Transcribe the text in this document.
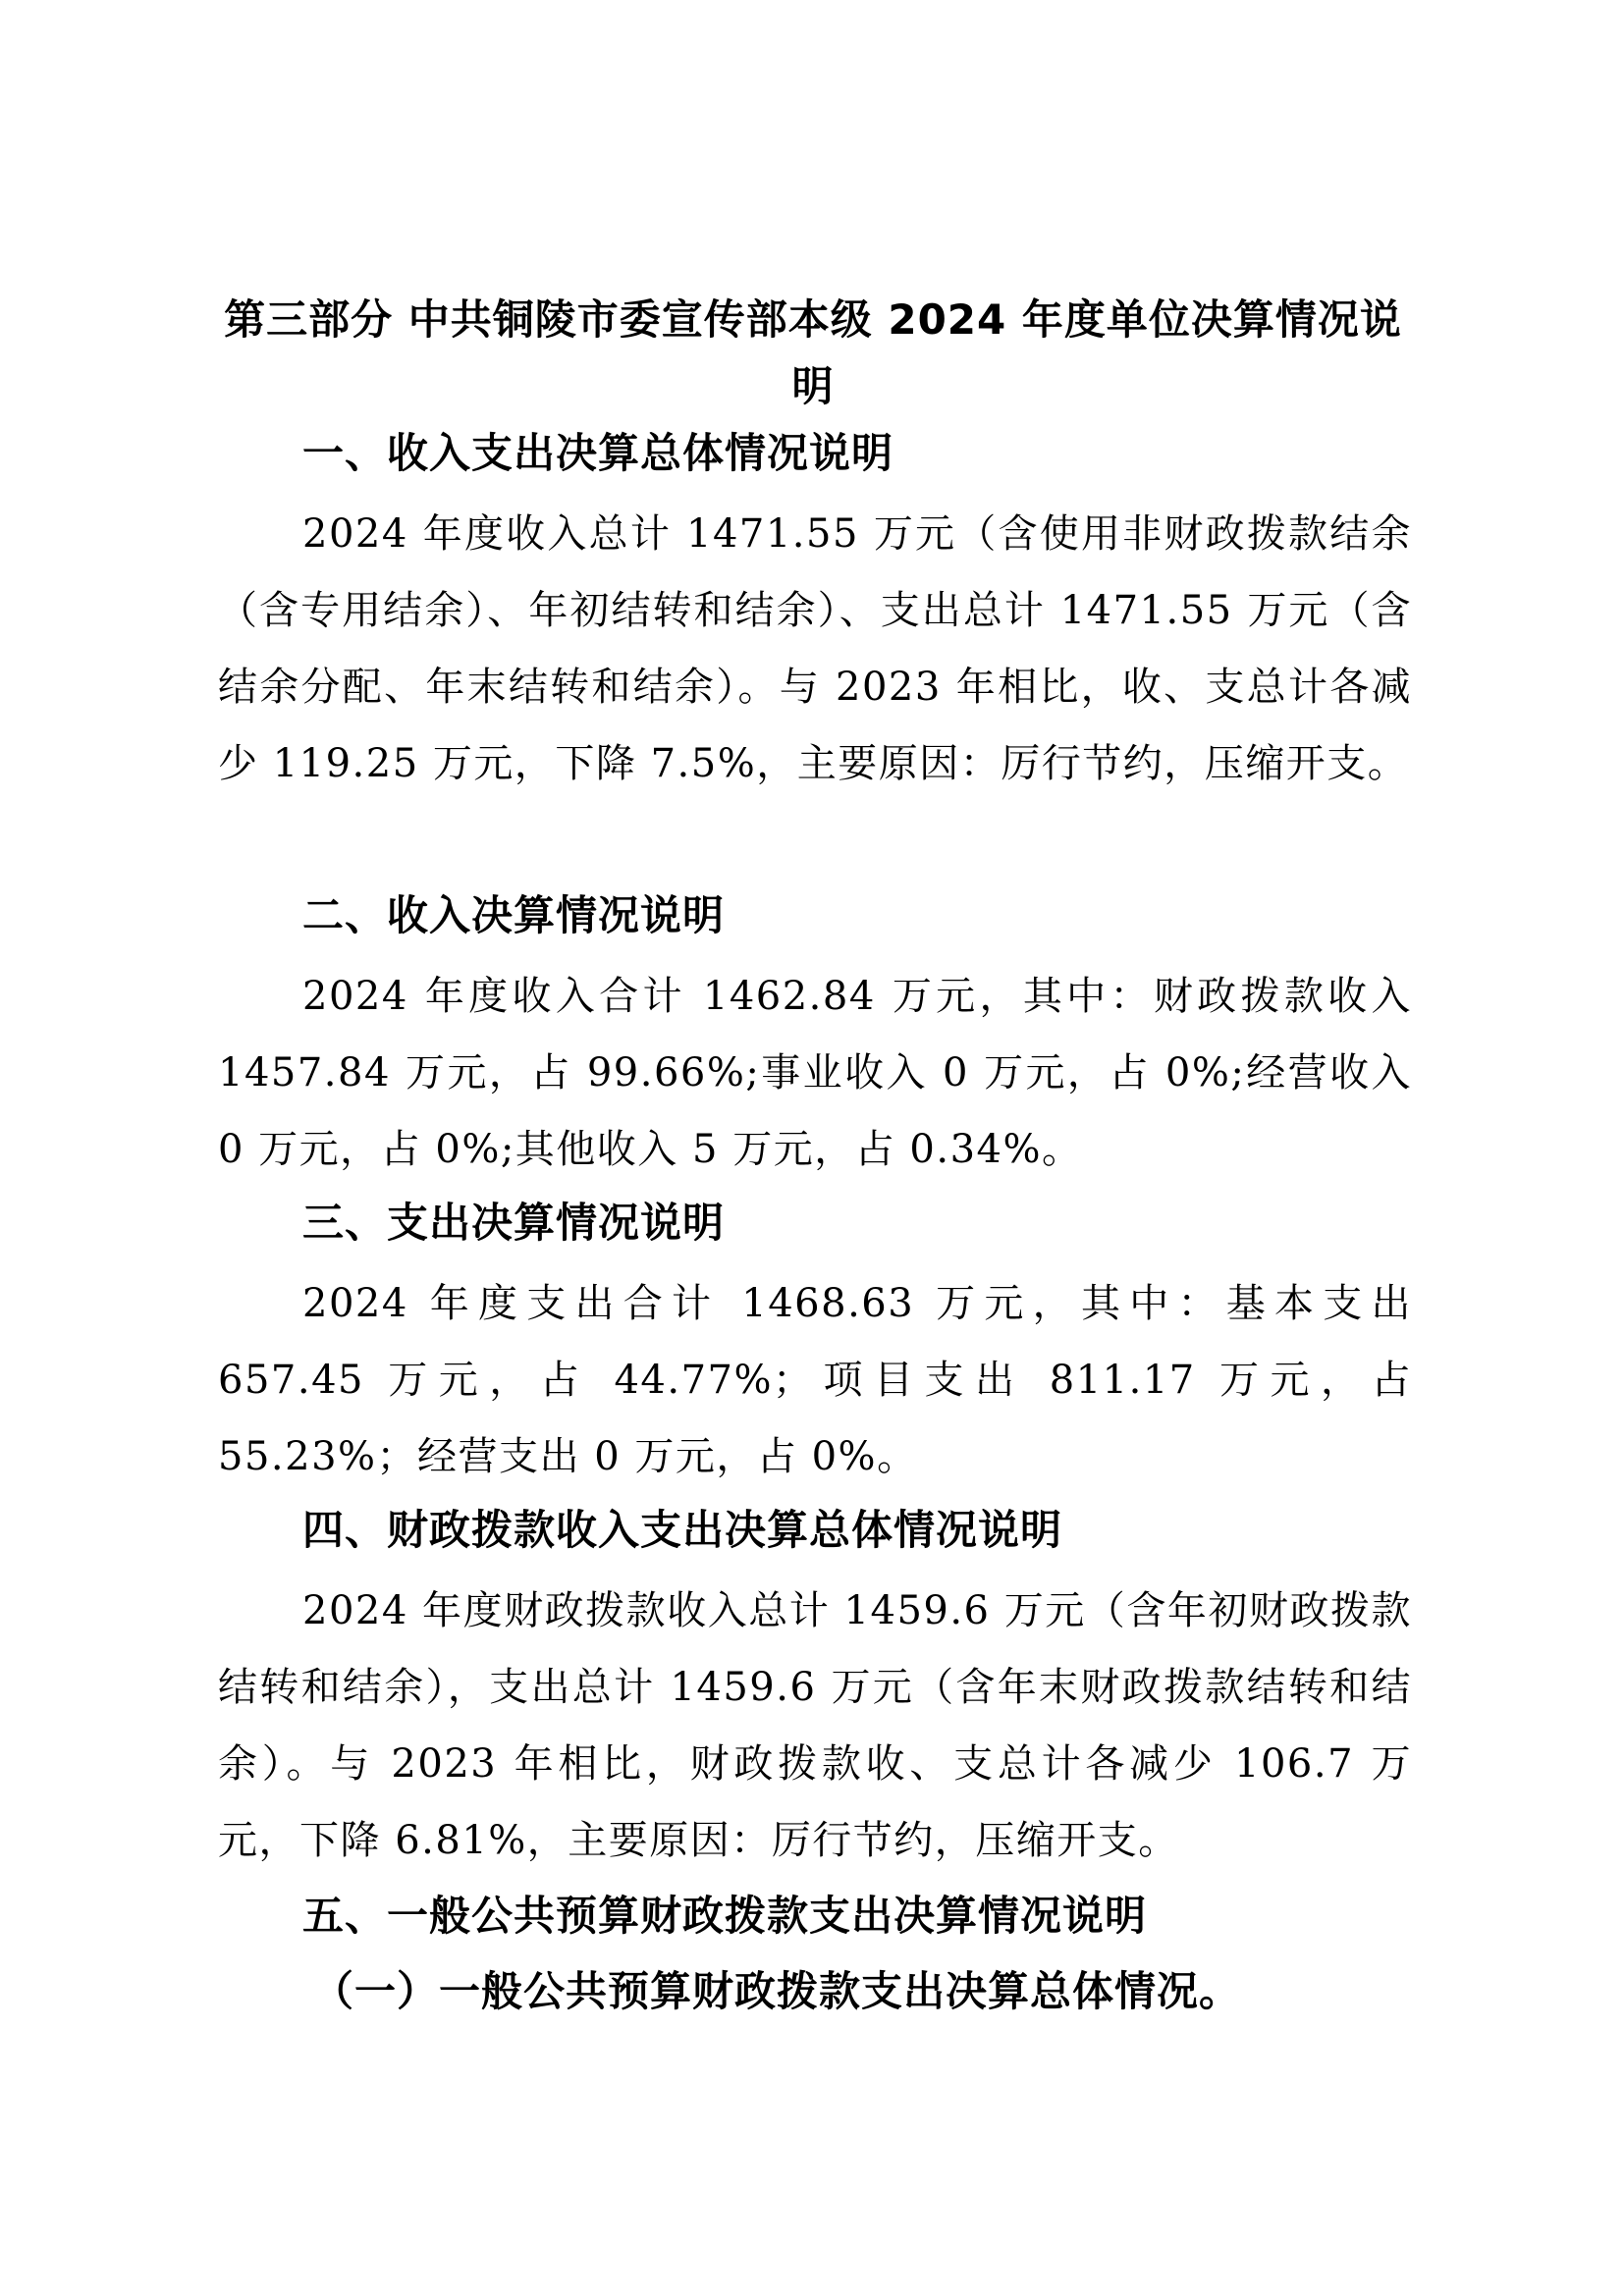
第三部分 中共铜陵市委宣传部本级 2024 年度单位决算情况说明
一、收入支出决算总体情况说明
2024 年度收入总计 1471.55 万元（含使用非财政拨款结余（含专用结余）、年初结转和结余）、支出总计 1471.55 万元（含结余分配、年末结转和结余）。与 2023 年相比，收、支总计各减少 119.25 万元，下降 7.5%，主要原因：厉行节约，压缩开支。
二、收入决算情况说明
2024 年度收入合计 1462.84 万元，其中：财政拨款收入 1457.84 万元，占 99.66%;事业收入 0 万元，占 0%;经营收入 0 万元，占 0%;其他收入 5 万元，占 0.34%。
三、支出决算情况说明
2024 年度支出合计 1468.63 万元，其中：基本支出 657.45 万元，占 44.77%；项目支出 811.17 万元，占 55.23%；经营支出 0 万元，占 0%。
四、财政拨款收入支出决算总体情况说明
2024 年度财政拨款收入总计 1459.6 万元（含年初财政拨款结转和结余），支出总计 1459.6 万元（含年末财政拨款结转和结余）。与 2023 年相比，财政拨款收、支总计各减少 106.7 万元，下降 6.81%，主要原因：厉行节约，压缩开支。
五、一般公共预算财政拨款支出决算情况说明
（一）一般公共预算财政拨款支出决算总体情况。
